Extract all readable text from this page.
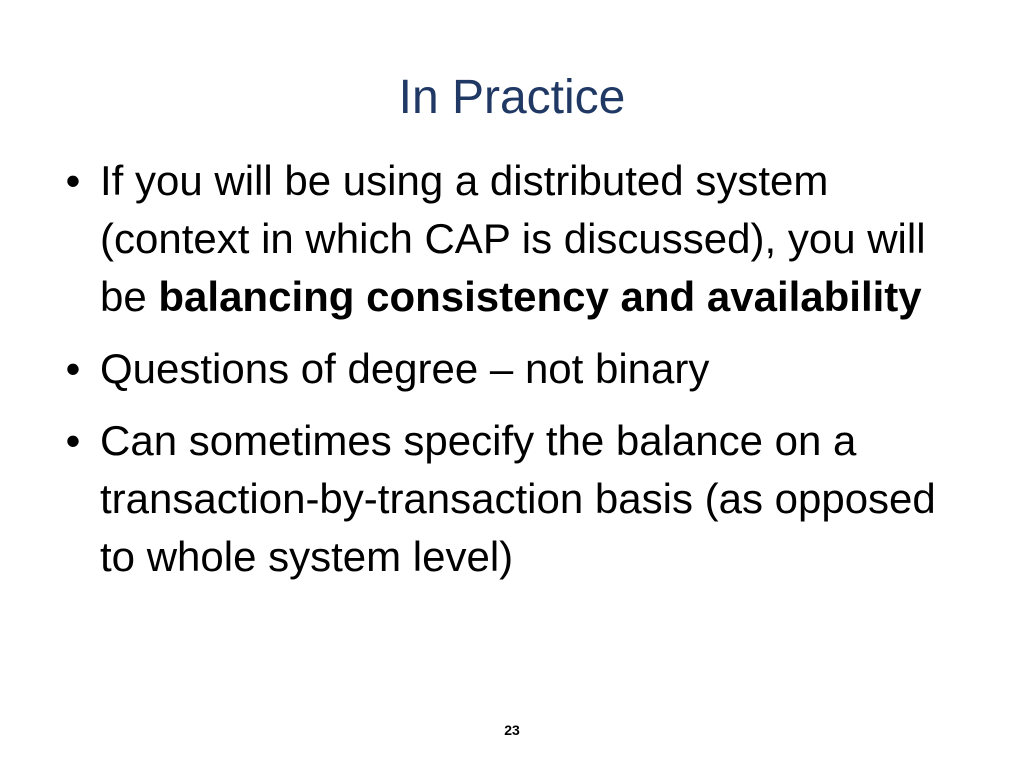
In Practice
• If you will be using a distributed system (context in which CAP is discussed), you will be balancing consistency and availability
• Questions of degree – not binary
• Can sometimes specify the balance on a transaction-by-transaction basis (as opposed to whole system level)
23
